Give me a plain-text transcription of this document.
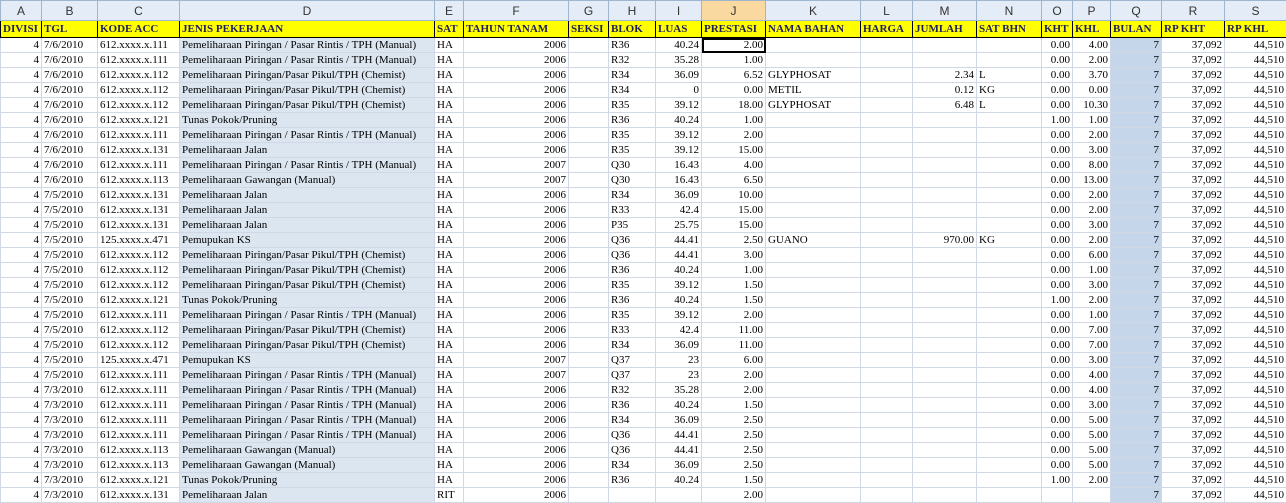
A	B	C	D	E	F	G	H	I	J	K	L	M	N	O	P	Q	R	S
DIVISI	TGL	KODE ACC	JENIS PEKERJAAN	SAT	TAHUN TANAM	SEKSI	BLOK	LUAS	PRESTASI	NAMA BAHAN	HARGA	JUMLAH	SAT BHN	KHT	KHL	BULAN	RP KHT	RP KHL
4	7/6/2010	612.xxxx.x.111	Pemeliharaan Piringan / Pasar Rintis / TPH (Manual)	HA	2006		R36	40.24	2.00					0.00	4.00	7	37,092	44,510
4	7/6/2010	612.xxxx.x.111	Pemeliharaan Piringan / Pasar Rintis / TPH (Manual)	HA	2006		R32	35.28	1.00					0.00	2.00	7	37,092	44,510
4	7/6/2010	612.xxxx.x.112	Pemeliharaan Piringan/Pasar Pikul/TPH (Chemist)	HA	2006		R34	36.09	6.52	GLYPHOSAT		2.34	L	0.00	3.70	7	37,092	44,510
4	7/6/2010	612.xxxx.x.112	Pemeliharaan Piringan/Pasar Pikul/TPH (Chemist)	HA	2006		R34	0	0.00	METIL		0.12	KG	0.00	0.00	7	37,092	44,510
4	7/6/2010	612.xxxx.x.112	Pemeliharaan Piringan/Pasar Pikul/TPH (Chemist)	HA	2006		R35	39.12	18.00	GLYPHOSAT		6.48	L	0.00	10.30	7	37,092	44,510
4	7/6/2010	612.xxxx.x.121	Tunas Pokok/Pruning	HA	2006		R36	40.24	1.00					1.00	1.00	7	37,092	44,510
4	7/6/2010	612.xxxx.x.111	Pemeliharaan Piringan / Pasar Rintis / TPH (Manual)	HA	2006		R35	39.12	2.00					0.00	2.00	7	37,092	44,510
4	7/6/2010	612.xxxx.x.131	Pemeliharaan Jalan	HA	2006		R35	39.12	15.00					0.00	3.00	7	37,092	44,510
4	7/6/2010	612.xxxx.x.111	Pemeliharaan Piringan / Pasar Rintis / TPH (Manual)	HA	2007		Q30	16.43	4.00					0.00	8.00	7	37,092	44,510
4	7/6/2010	612.xxxx.x.113	Pemeliharaan Gawangan (Manual)	HA	2007		Q30	16.43	6.50					0.00	13.00	7	37,092	44,510
4	7/5/2010	612.xxxx.x.131	Pemeliharaan Jalan	HA	2006		R34	36.09	10.00					0.00	2.00	7	37,092	44,510
4	7/5/2010	612.xxxx.x.131	Pemeliharaan Jalan	HA	2006		R33	42.4	15.00					0.00	2.00	7	37,092	44,510
4	7/5/2010	612.xxxx.x.131	Pemeliharaan Jalan	HA	2006		P35	25.75	15.00					0.00	3.00	7	37,092	44,510
4	7/5/2010	125.xxxx.x.471	Pemupukan KS	HA	2006		Q36	44.41	2.50	GUANO		970.00	KG	0.00	2.00	7	37,092	44,510
4	7/5/2010	612.xxxx.x.112	Pemeliharaan Piringan/Pasar Pikul/TPH (Chemist)	HA	2006		Q36	44.41	3.00					0.00	6.00	7	37,092	44,510
4	7/5/2010	612.xxxx.x.112	Pemeliharaan Piringan/Pasar Pikul/TPH (Chemist)	HA	2006		R36	40.24	1.00					0.00	1.00	7	37,092	44,510
4	7/5/2010	612.xxxx.x.112	Pemeliharaan Piringan/Pasar Pikul/TPH (Chemist)	HA	2006		R35	39.12	1.50					0.00	3.00	7	37,092	44,510
4	7/5/2010	612.xxxx.x.121	Tunas Pokok/Pruning	HA	2006		R36	40.24	1.50					1.00	2.00	7	37,092	44,510
4	7/5/2010	612.xxxx.x.111	Pemeliharaan Piringan / Pasar Rintis / TPH (Manual)	HA	2006		R35	39.12	2.00					0.00	1.00	7	37,092	44,510
4	7/5/2010	612.xxxx.x.112	Pemeliharaan Piringan/Pasar Pikul/TPH (Chemist)	HA	2006		R33	42.4	11.00					0.00	7.00	7	37,092	44,510
4	7/5/2010	612.xxxx.x.112	Pemeliharaan Piringan/Pasar Pikul/TPH (Chemist)	HA	2006		R34	36.09	11.00					0.00	7.00	7	37,092	44,510
4	7/5/2010	125.xxxx.x.471	Pemupukan KS	HA	2007		Q37	23	6.00					0.00	3.00	7	37,092	44,510
4	7/5/2010	612.xxxx.x.111	Pemeliharaan Piringan / Pasar Rintis / TPH (Manual)	HA	2007		Q37	23	2.00					0.00	4.00	7	37,092	44,510
4	7/3/2010	612.xxxx.x.111	Pemeliharaan Piringan / Pasar Rintis / TPH (Manual)	HA	2006		R32	35.28	2.00					0.00	4.00	7	37,092	44,510
4	7/3/2010	612.xxxx.x.111	Pemeliharaan Piringan / Pasar Rintis / TPH (Manual)	HA	2006		R36	40.24	1.50					0.00	3.00	7	37,092	44,510
4	7/3/2010	612.xxxx.x.111	Pemeliharaan Piringan / Pasar Rintis / TPH (Manual)	HA	2006		R34	36.09	2.50					0.00	5.00	7	37,092	44,510
4	7/3/2010	612.xxxx.x.111	Pemeliharaan Piringan / Pasar Rintis / TPH (Manual)	HA	2006		Q36	44.41	2.50					0.00	5.00	7	37,092	44,510
4	7/3/2010	612.xxxx.x.113	Pemeliharaan Gawangan (Manual)	HA	2006		Q36	44.41	2.50					0.00	5.00	7	37,092	44,510
4	7/3/2010	612.xxxx.x.113	Pemeliharaan Gawangan (Manual)	HA	2006		R34	36.09	2.50					0.00	5.00	7	37,092	44,510
4	7/3/2010	612.xxxx.x.121	Tunas Pokok/Pruning	HA	2006		R36	40.24	1.50					1.00	2.00	7	37,092	44,510
4	7/3/2010	612.xxxx.x.131	Pemeliharaan Jalan	RIT	2006				2.00							7	37,092	44,510
